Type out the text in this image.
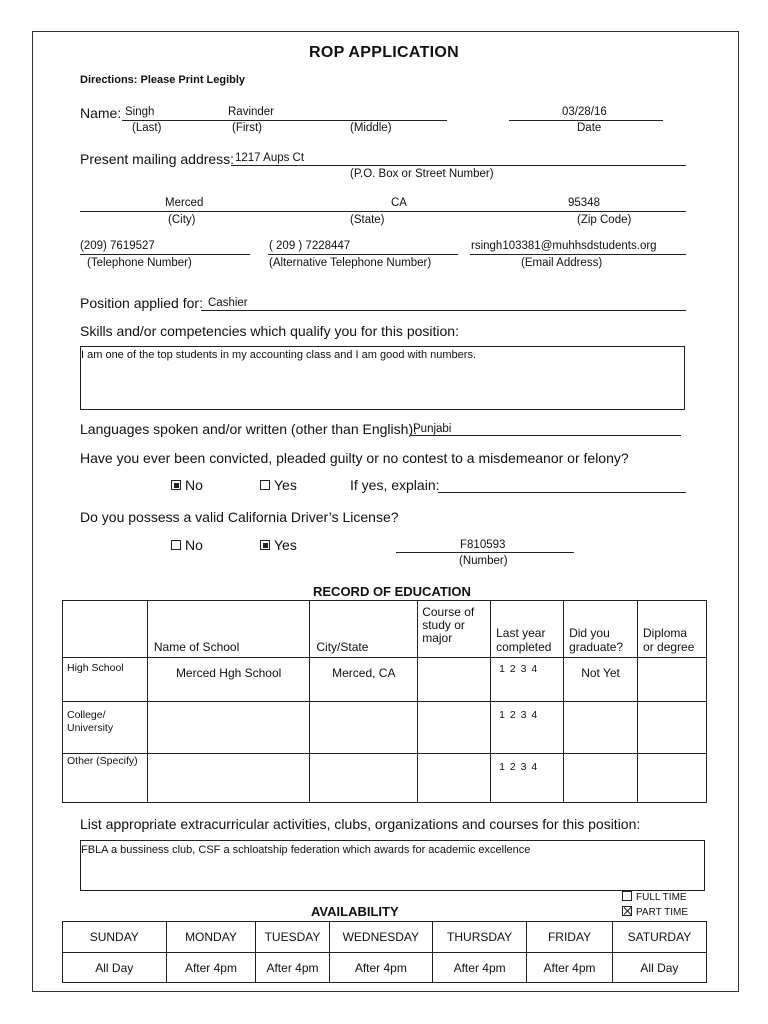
ROP APPLICATION
Directions: Please Print Legibly
Name: Singh	Ravinder
(Last)	(First)	(Middle)
03/28/16
Date
Present mailing address: 1217 Aups Ct
(P.O. Box or Street Number)
Merced	CA	95348
(City)	(State)	(Zip Code)
(209) 7619527
(Telephone Number)
( 209 ) 7228447
(Alternative Telephone Number)
rsingh103381@muhhsdstudents.org
(Email Address)
Position applied for: Cashier
Skills and/or competencies which qualify you for this position:
I am one of the top students in my accounting class and I am good with numbers.
Languages spoken and/or written (other than English):
Punjabi
Have you ever been convicted, pleaded guilty or no contest to a misdemeanor or felony?
No	Yes	If yes, explain:
Do you possess a valid California Driver’s License?
No	Yes	F810593
(Number)
RECORD OF EDUCATION
	Name of School	City/State	Course of study or major	Last year completed	Did you graduate?	Diploma or degree
High School	Merced Hgh School	Merced, CA		1 2 3 4	Not Yet	
College/ University				1 2 3 4		
Other (Specify)				1 2 3 4		
List appropriate extracurricular activities, clubs, organizations and courses for this position:
FBLA a bussiness club, CSF a schloatship federation which awards for academic excellence
AVAILABILITY
FULL TIME
PART TIME
SUNDAY	MONDAY	TUESDAY	WEDNESDAY	THURSDAY	FRIDAY	SATURDAY
All Day	After 4pm	After 4pm	After 4pm	After 4pm	After 4pm	All Day
